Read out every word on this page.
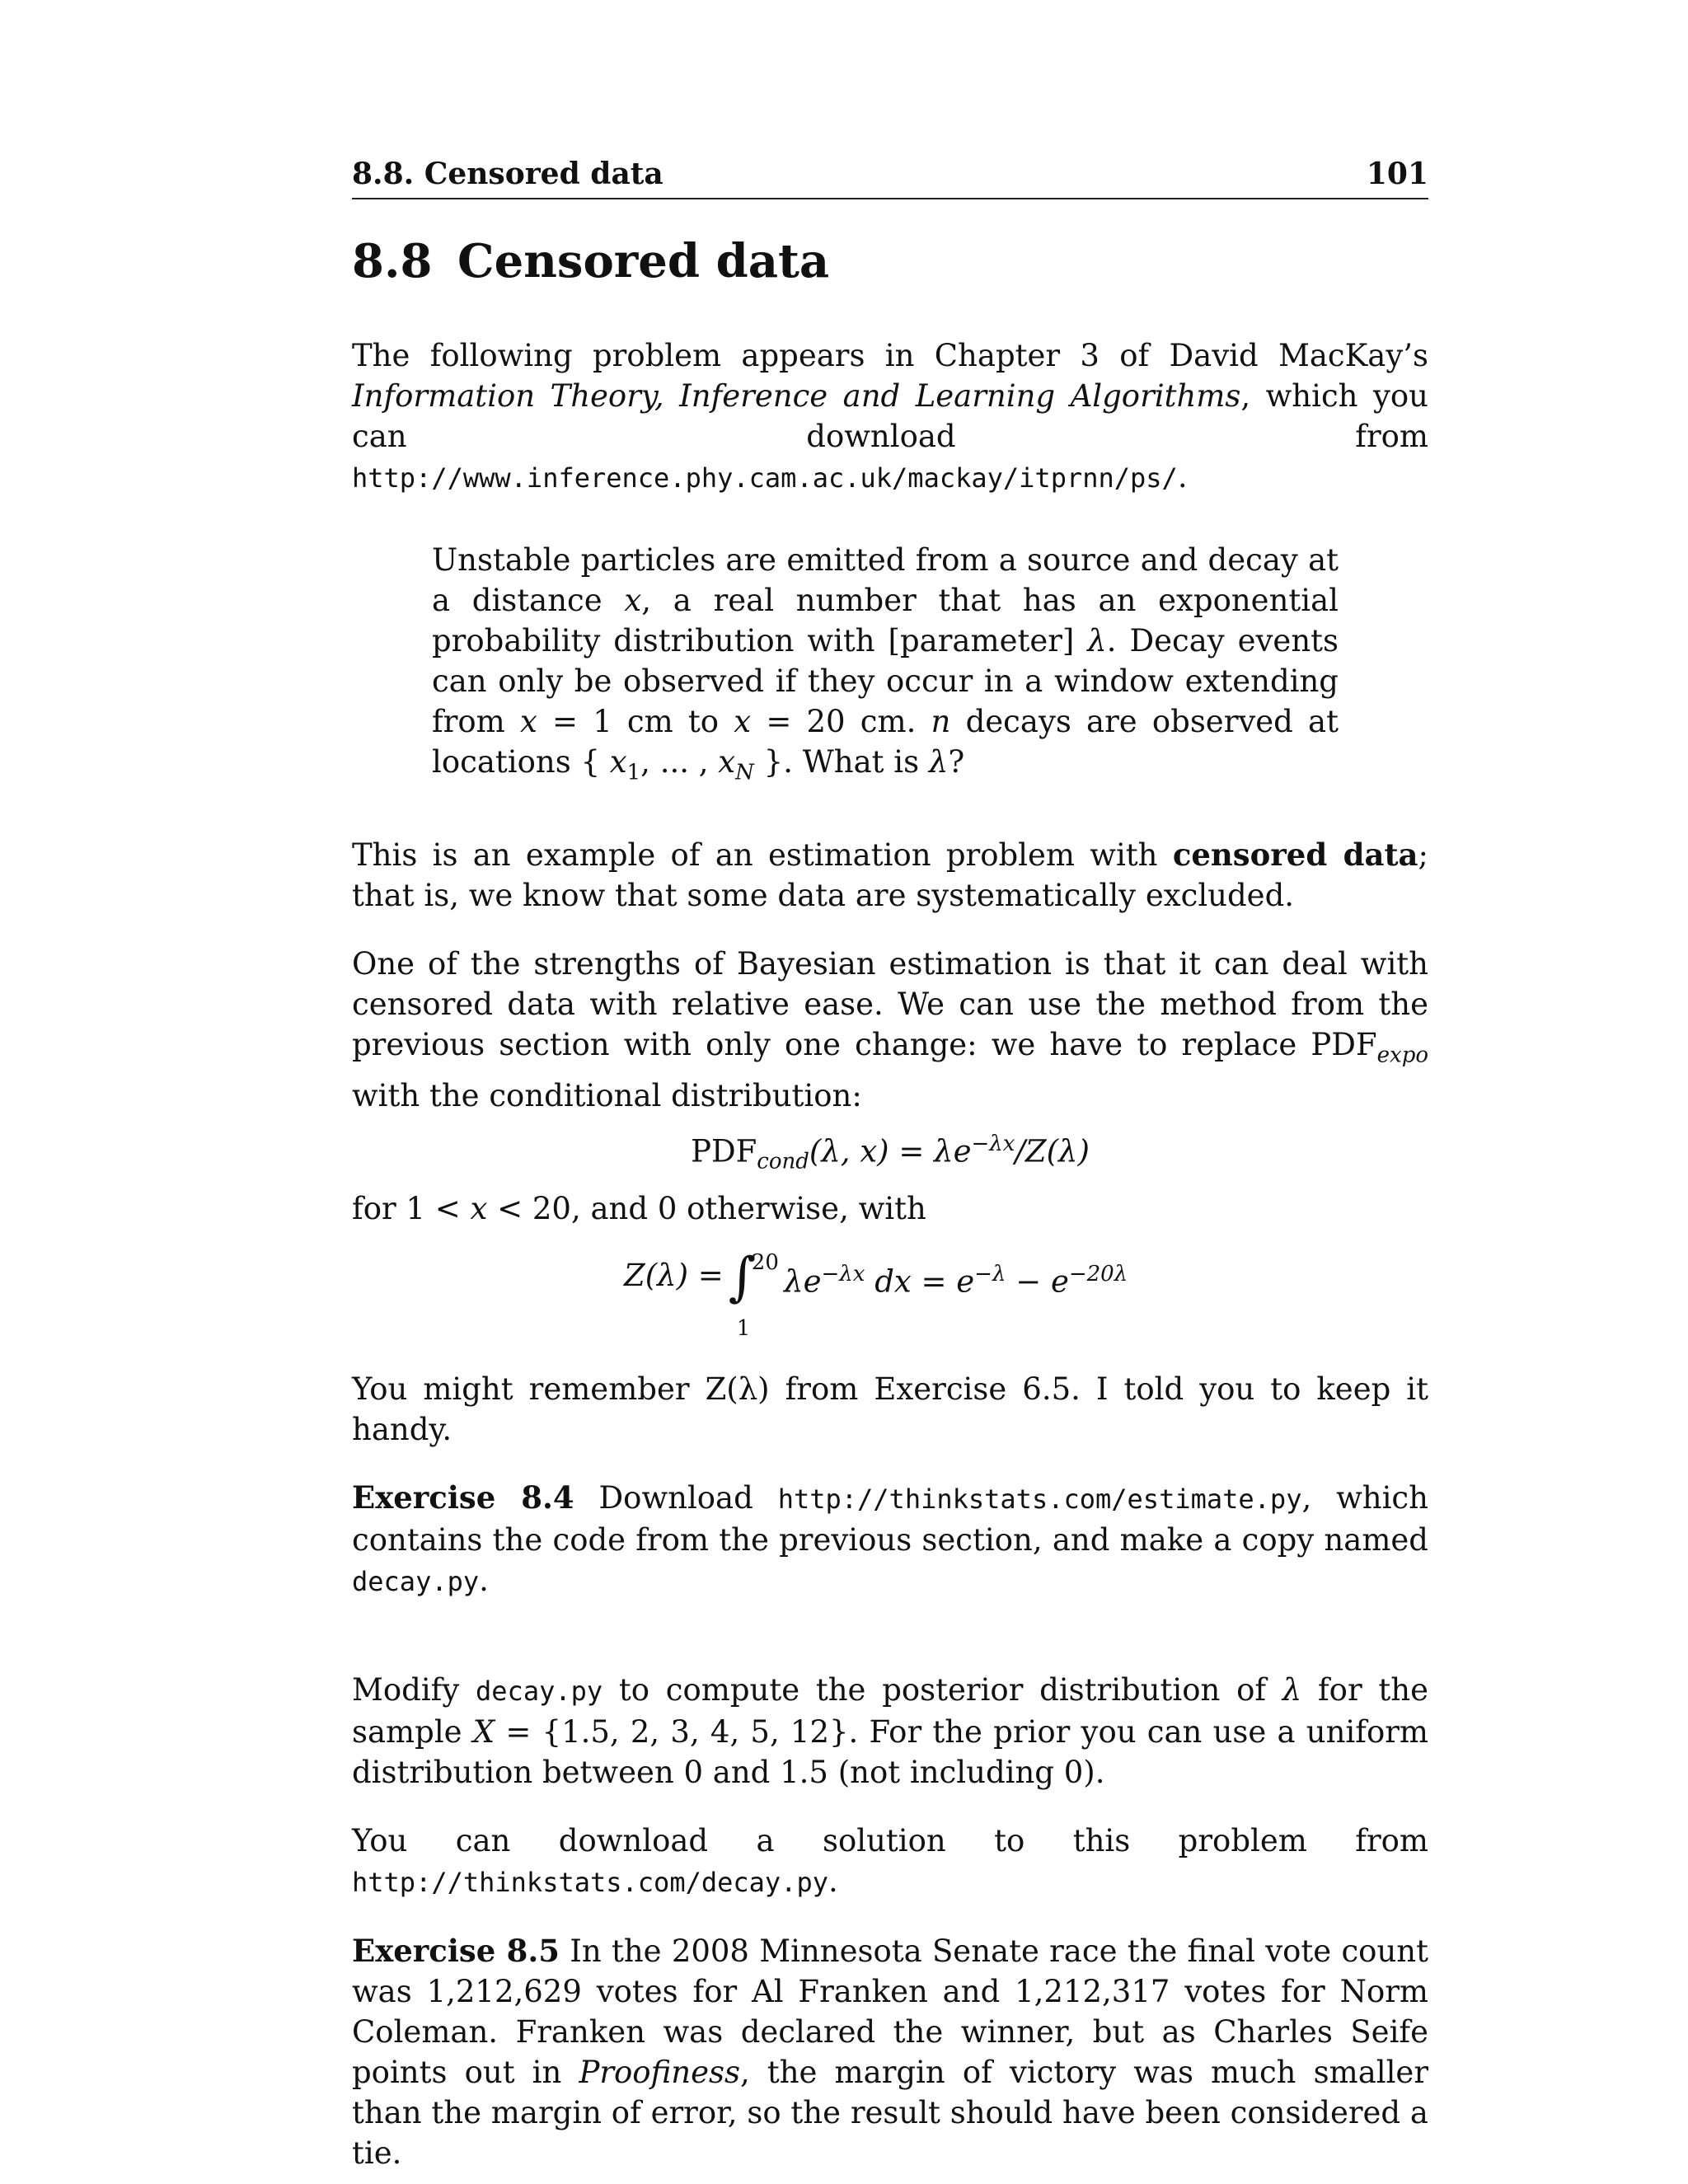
8.8. Censored data	101
8.8 Censored data

The following problem appears in Chapter 3 of David MacKay’s Information Theory, Inference and Learning Algorithms, which you can download from http://www.inference.phy.cam.ac.uk/mackay/itprnn/ps/.

Unstable particles are emitted from a source and decay at a distance x, a real number that has an exponential probability distribution with [parameter] λ. Decay events can only be observed if they occur in a window extending from x = 1 cm to x = 20 cm. n decays are observed at locations { $x_1$, ... , $x_N$ }. What is λ?

This is an example of an estimation problem with censored data; that is, we know that some data are systematically excluded.

One of the strengths of Bayesian estimation is that it can deal with censored data with relative ease. We can use the method from the previous section with only one change: we have to replace $PDF_{expo}$ with the conditional distribution:

$PDF_{cond}(\lambda$, $x) = \lambda e^{-\lambda x}/Z(\lambda)$

for 1 < x < 20, and 0 otherwise, with

Z(λ) =∫
20
1
$\lambda e^{-\lambda x}$ dx = $e^{-\lambda} - e^{-20\lambda}$

You might remember Z(λ) from Exercise 6.5. I told you to keep it handy.

Exercise 8.4 Download http://thinkstats.com/estimate.py, which contains the code from the previous section, and make a copy named decay.py.

Modify decay.py to compute the posterior distribution of λ for the sample X = {1.5, 2, 3, 4, 5, 12}. For the prior you can use a uniform distribution between 0 and 1.5 (not including 0).

You can download a solution to this problem from http://thinkstats.com/decay.py.

Exercise 8.5 In the 2008 Minnesota Senate race the final vote count was 1,212,629 votes for Al Franken and 1,212,317 votes for Norm Coleman. Franken was declared the winner, but as Charles Seife points out in Proofiness, the margin of victory was much smaller than the margin of error, so the result should have been considered a tie.
